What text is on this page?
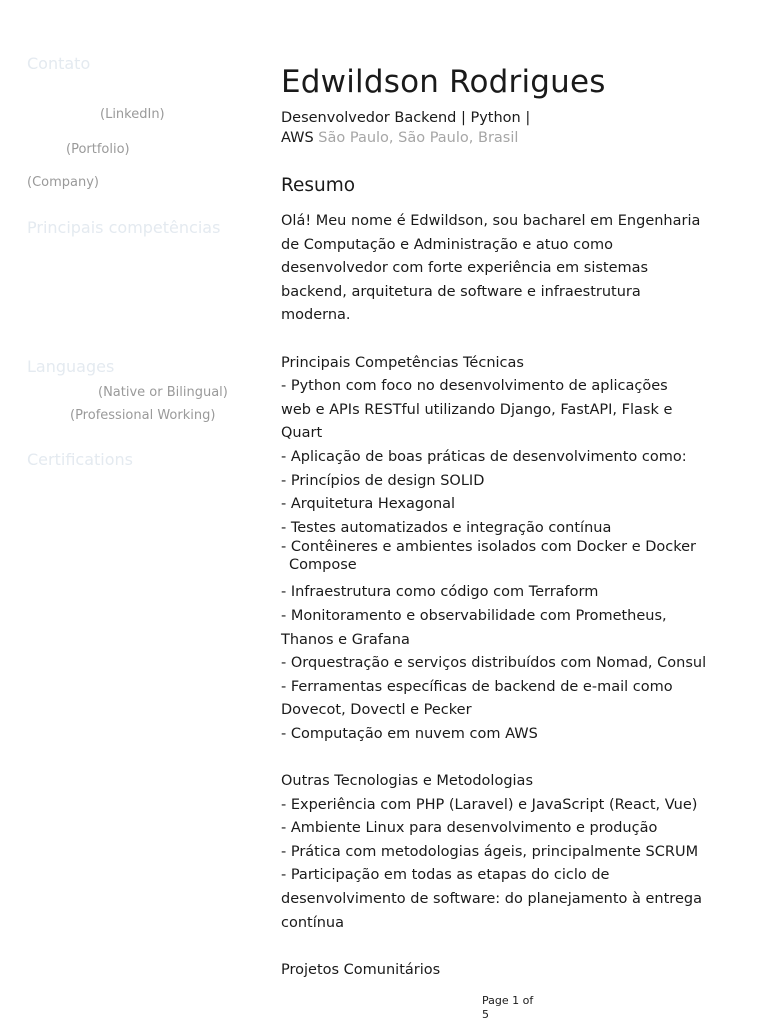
Contato
(LinkedIn)
(Portfolio)
(Company)
Principais competências
Languages
(Native or Bilingual)
(Professional Working)
Certifications
Edwildson Rodrigues
Desenvolvedor Backend | Python |
AWS São Paulo, São Paulo, Brasil
Resumo
Olá! Meu nome é Edwildson, sou bacharel em Engenharia
de Computação e Administração e atuo como
desenvolvedor com forte experiência em sistemas
backend, arquitetura de software e infraestrutura
moderna.
Principais Competências Técnicas
- Python com foco no desenvolvimento de aplicações
web e APIs RESTful utilizando Django, FastAPI, Flask e
Quart
- Aplicação de boas práticas de desenvolvimento como:
- Princípios de design SOLID
- Arquitetura Hexagonal
- Testes automatizados e integração contínua
- Contêineres e ambientes isolados com Docker e Docker Compose
- Infraestrutura como código com Terraform
- Monitoramento e observabilidade com Prometheus,
Thanos e Grafana
- Orquestração e serviços distribuídos com Nomad, Consul
- Ferramentas específicas de backend de e-mail como
Dovecot, Dovectl e Pecker
- Computação em nuvem com AWS
Outras Tecnologias e Metodologias
- Experiência com PHP (Laravel) e JavaScript (React, Vue)
- Ambiente Linux para desenvolvimento e produção
- Prática com metodologias ágeis, principalmente SCRUM
- Participação em todas as etapas do ciclo de
desenvolvimento de software: do planejamento à entrega
contínua
Projetos Comunitários
Page 1 of
5
